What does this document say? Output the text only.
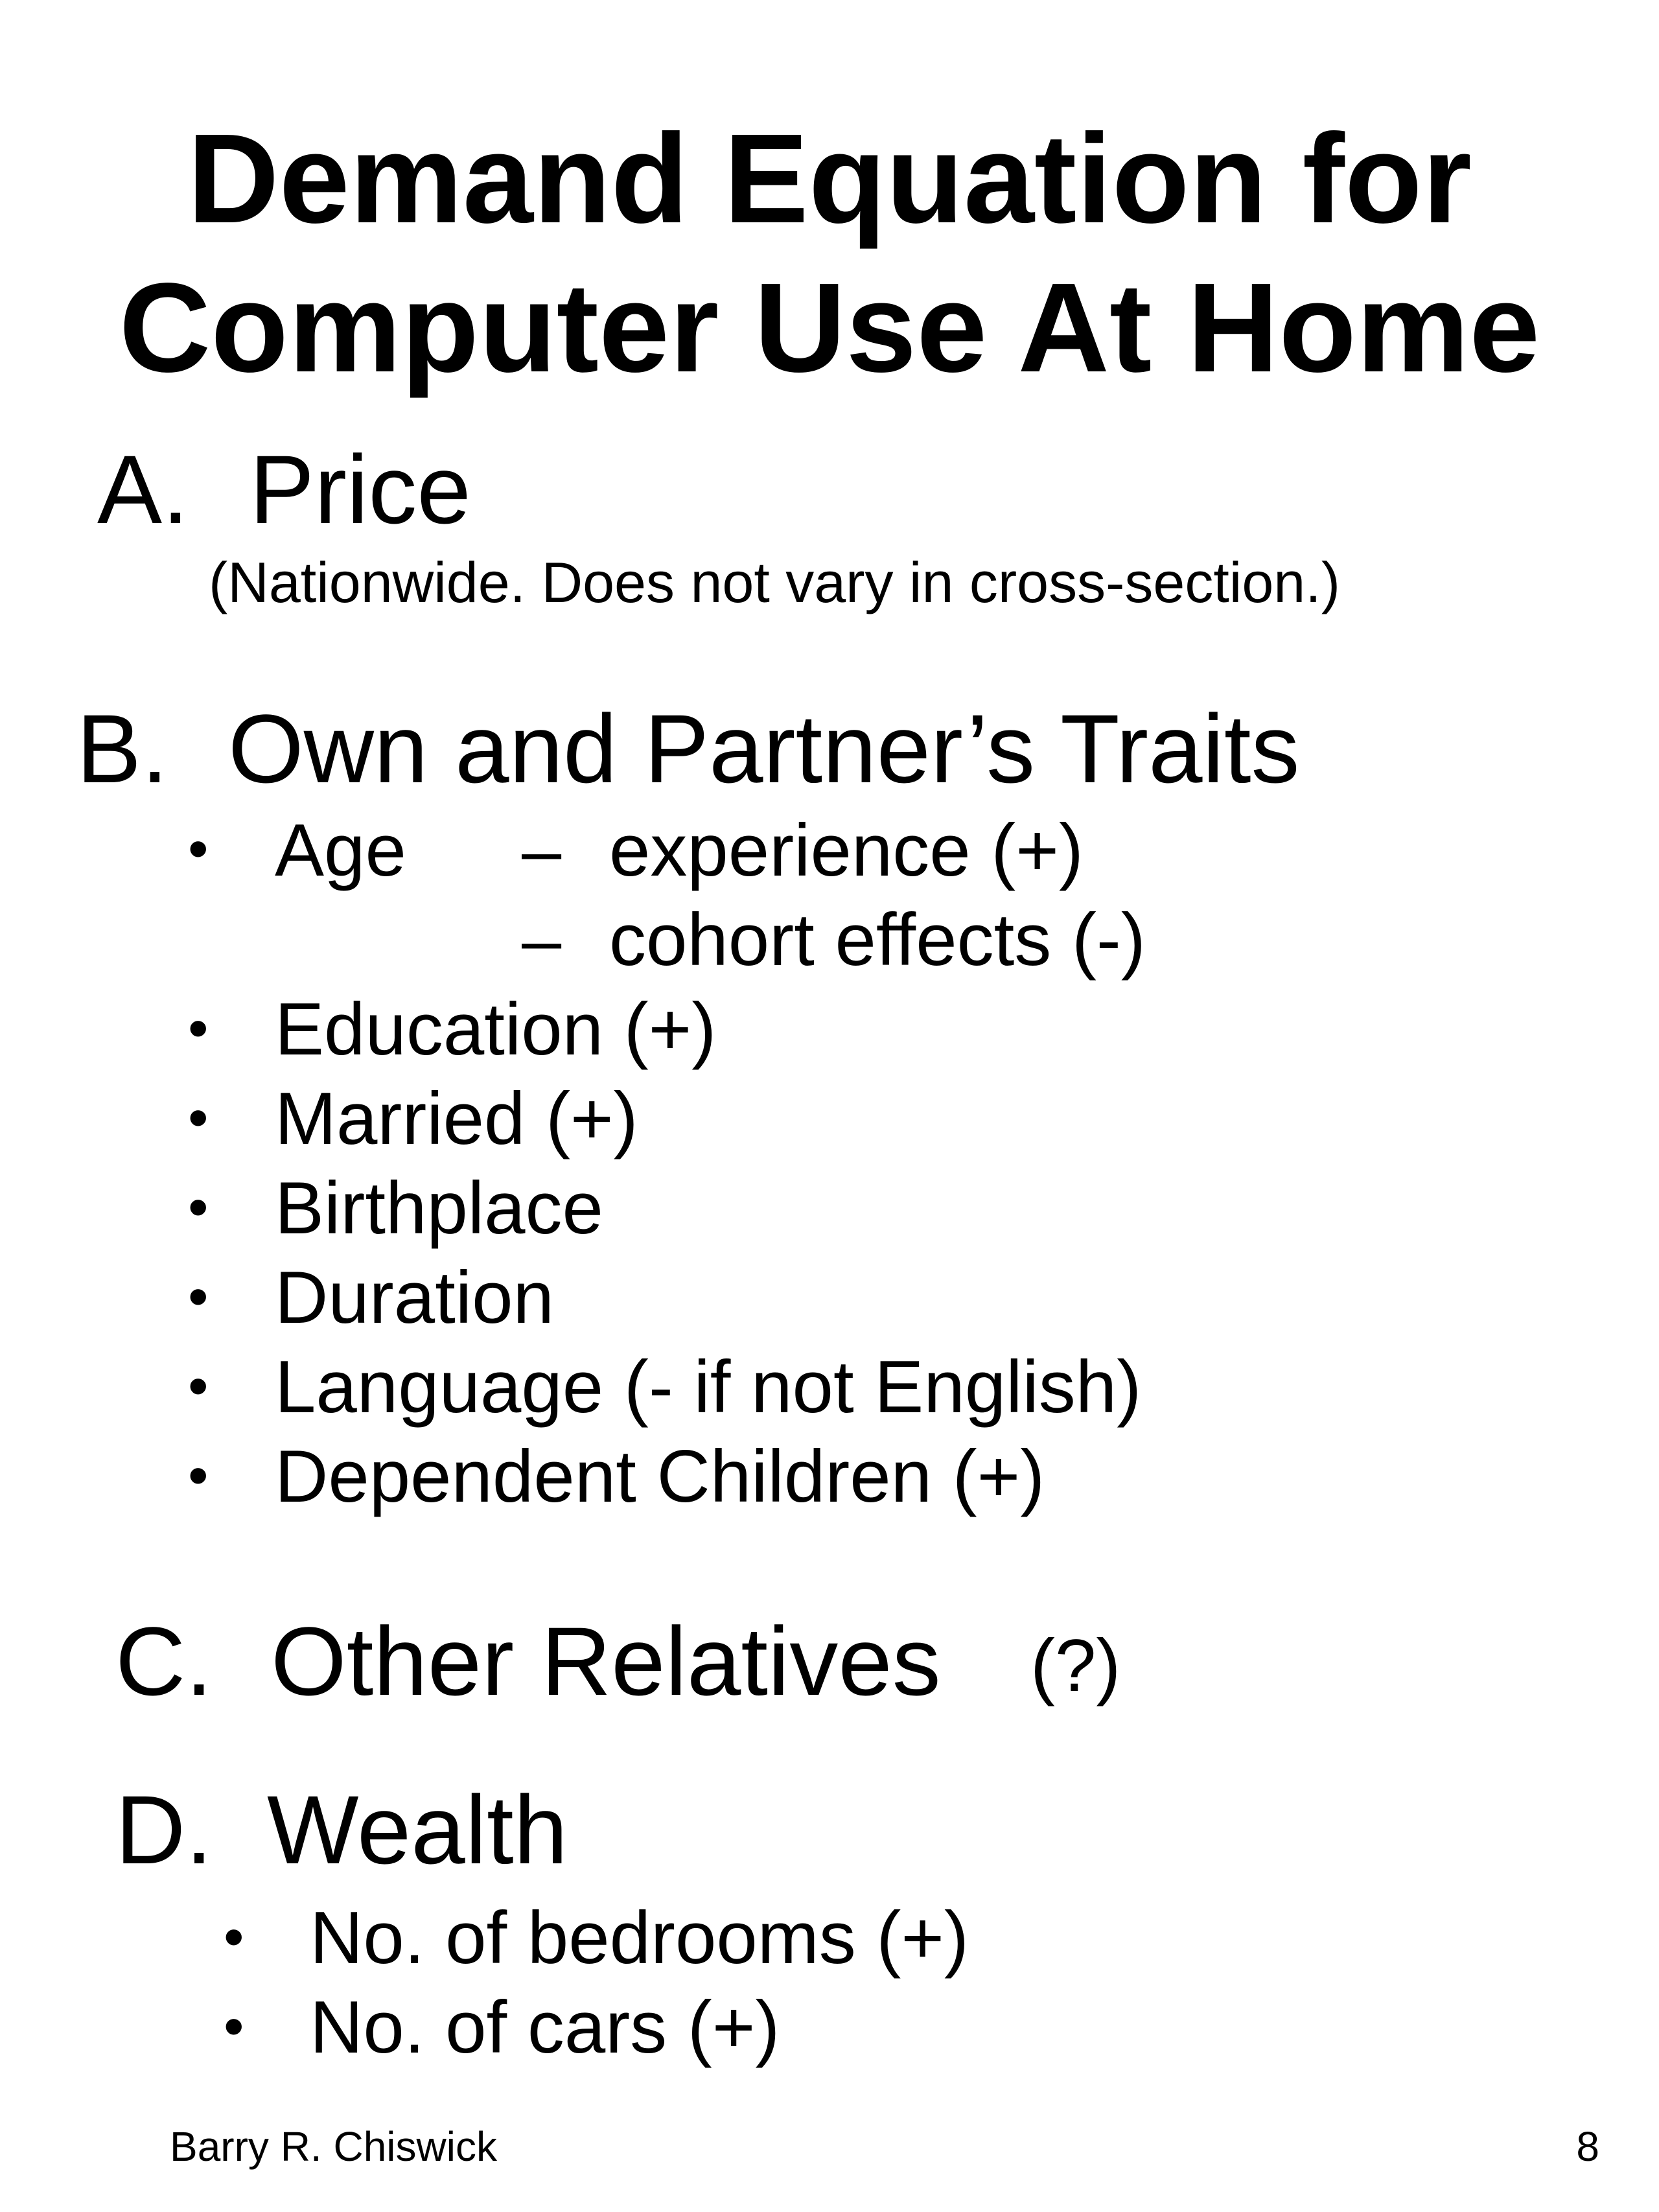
Demand Equation for
Computer Use At Home
A. Price
(Nationwide. Does not vary in cross-section.)
B. Own and Partner’s Traits
• Age – experience (+)
– cohort effects (-)
• Education (+)
• Married (+)
• Birthplace
• Duration
• Language (- if not English)
• Dependent Children (+)
C. Other Relatives (?)
D. Wealth
• No. of bedrooms (+)
• No. of cars (+)
Barry R. Chiswick	8
